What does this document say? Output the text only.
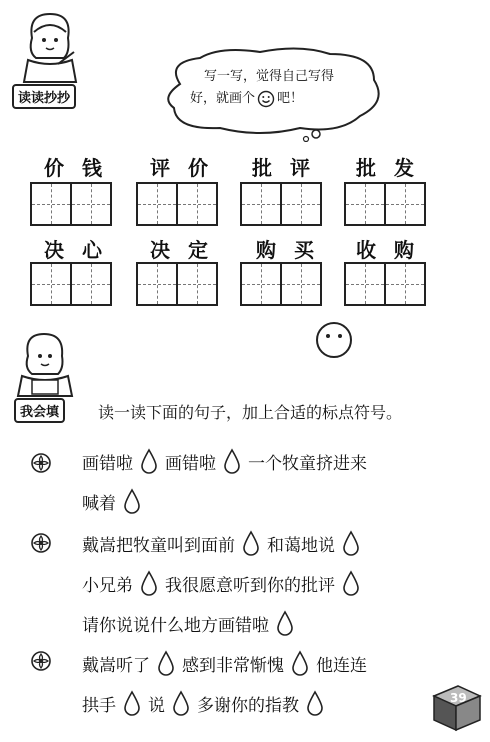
读读抄抄
写一写，觉得自己写得
好，就画个 吧！
价钱 评价 批评 批发
决心 决定 购买 收购
我会填	读一读下面的句子，加上合适的标点符号。
画错啦 画错啦 一个牧童挤进来
喊着
戴嵩把牧童叫到面前 和蔼地说
小兄弟 我很愿意听到你的批评
请你说说什么地方画错啦
戴嵩听了 感到非常惭愧 他连连
拱手 说 多谢你的指教	39
